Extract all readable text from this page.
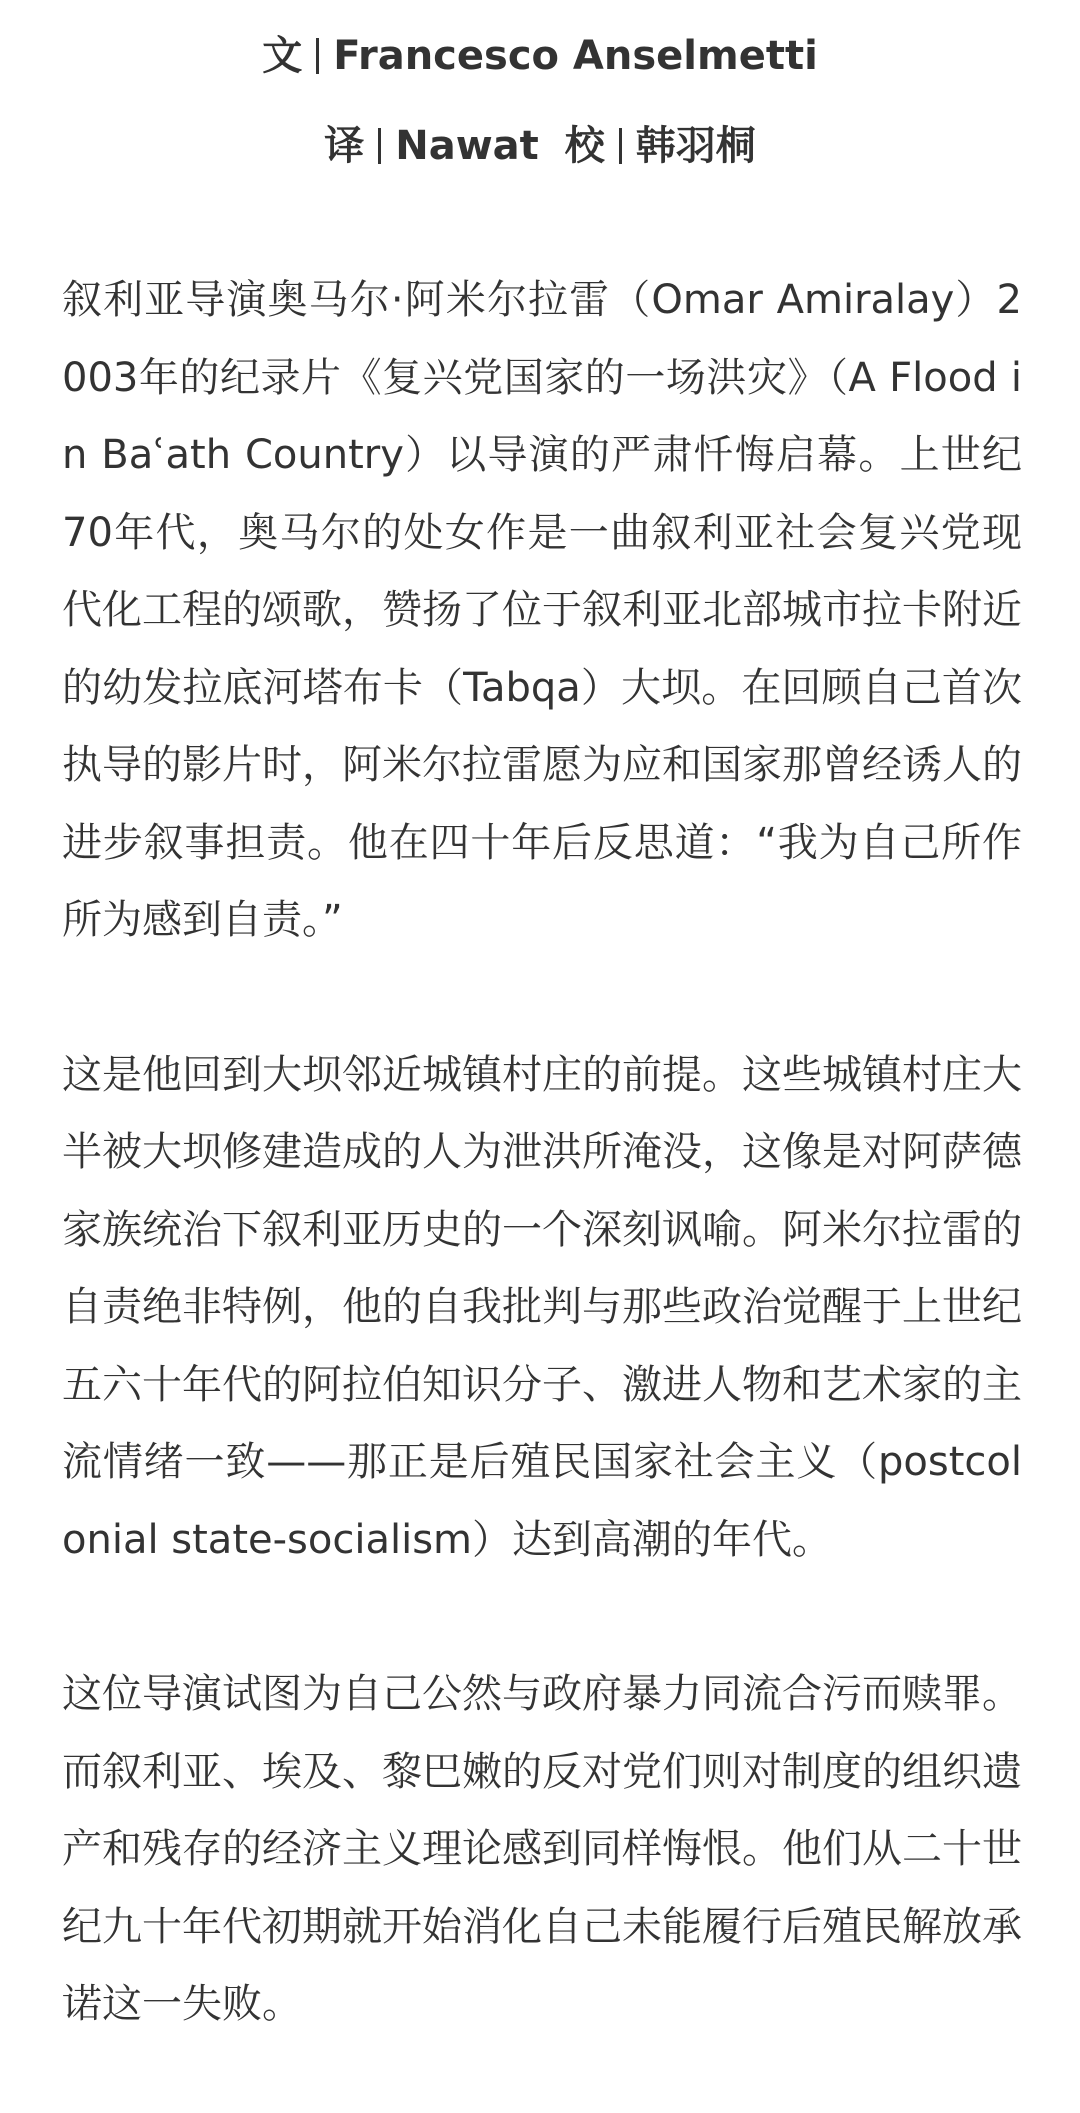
文 Francesco Anselmetti
译 Nawat 校 韩羽桐

叙利亚导演奥马尔·阿米尔拉雷（Omar Amiralay）2003年的纪录片《复兴党国家的一场洪灾》（A Flood in Baʿath Country）以导演的严肃忏悔启幕。上世纪70年代，奥马尔的处女作是一曲叙利亚社会复兴党现代化工程的颂歌，赞扬了位于叙利亚北部城市拉卡附近的幼发拉底河塔布卡（Tabqa）大坝。在回顾自己首次执导的影片时，阿米尔拉雷愿为应和国家那曾经诱人的进步叙事担责。他在四十年后反思道：“我为自己所作所为感到自责。”

这是他回到大坝邻近城镇村庄的前提。这些城镇村庄大半被大坝修建造成的人为泄洪所淹没，这像是对阿萨德家族统治下叙利亚历史的一个深刻讽喻。阿米尔拉雷的自责绝非特例，他的自我批判与那些政治觉醒于上世纪五六十年代的阿拉伯知识分子、激进人物和艺术家的主流情绪一致——那正是后殖民国家社会主义（postcolonial state-socialism）达到高潮的年代。

这位导演试图为自己公然与政府暴力同流合污而赎罪。而叙利亚、埃及、黎巴嫩的反对党们则对制度的组织遗产和残存的经济主义理论感到同样悔恨。他们从二十世纪九十年代初期就开始消化自己未能履行后殖民解放承诺这一失败。
